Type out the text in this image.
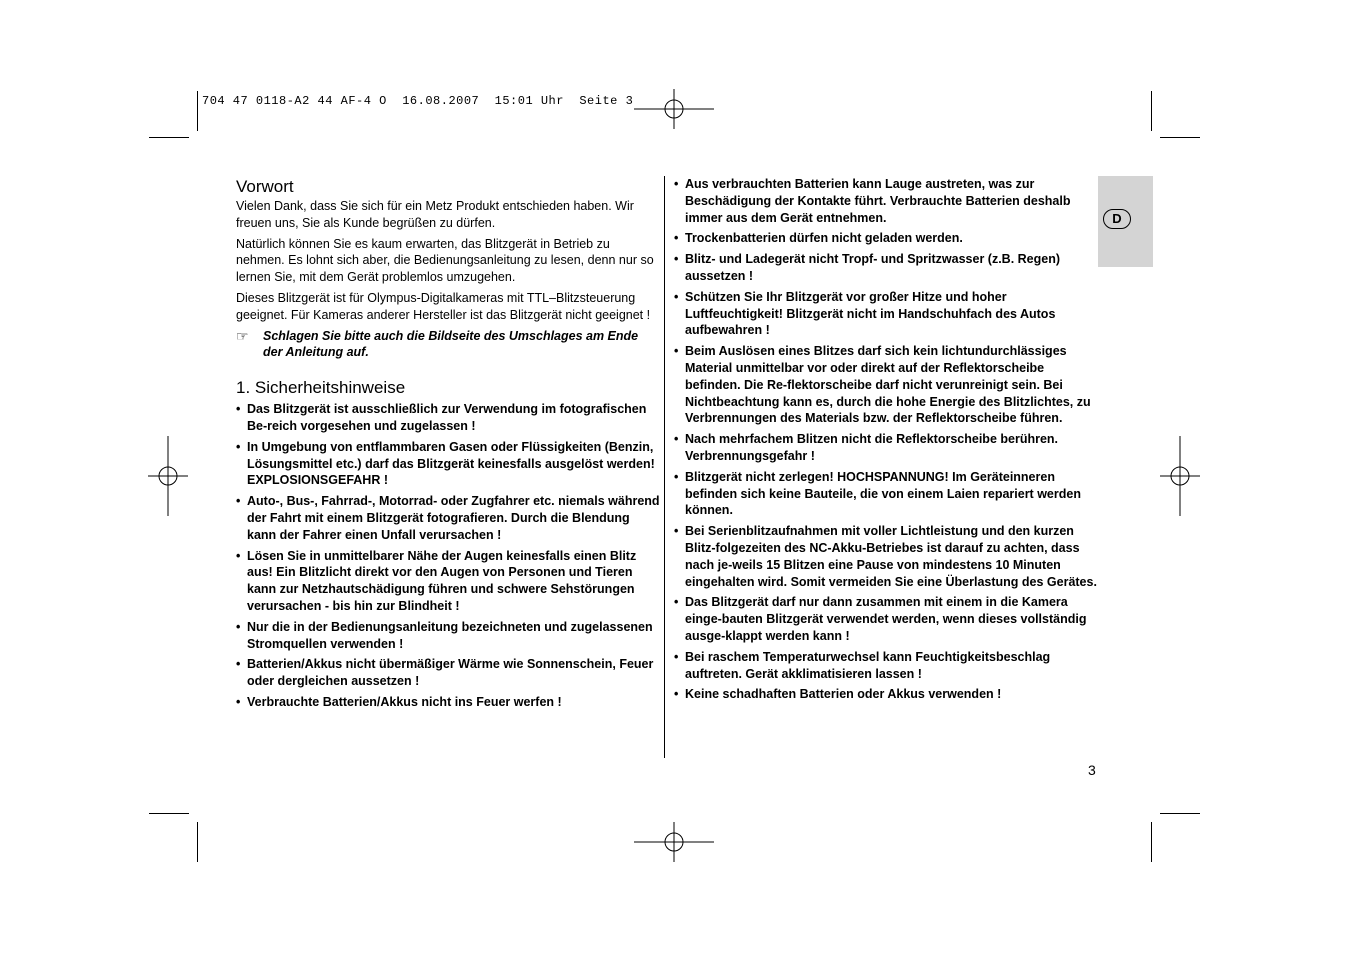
704 47 0118-A2 44 AF-4 O  16.08.2007  15:01 Uhr  Seite 3
Vorwort

Vielen Dank, dass Sie sich für ein Metz Produkt entschieden haben. Wir freuen uns, Sie als Kunde begrüßen zu dürfen.

Natürlich können Sie es kaum erwarten, das Blitzgerät in Betrieb zu nehmen. Es lohnt sich aber, die Bedienungsanleitung zu lesen, denn nur so lernen Sie, mit dem Gerät problemlos umzugehen.

Dieses Blitzgerät ist für Olympus-Digitalkameras mit TTL–Blitzsteuerung geeignet. Für Kameras anderer Hersteller ist das Blitzgerät nicht geeignet !

☞	Schlagen Sie bitte auch die Bildseite des Umschlages am Ende der Anleitung auf.
1. Sicherheitshinweise
• Das Blitzgerät ist ausschließlich zur Verwendung im fotografischen Be-reich vorgesehen und zugelassen !
• In Umgebung von entflammbaren Gasen oder Flüssigkeiten (Benzin, Lösungsmittel etc.) darf das Blitzgerät keinesfalls ausgelöst werden! EXPLOSIONSGEFAHR !
• Auto-, Bus-, Fahrrad-, Motorrad- oder Zugfahrer etc. niemals während der Fahrt mit einem Blitzgerät fotografieren. Durch die Blendung kann der Fahrer einen Unfall verursachen !
• Lösen Sie in unmittelbarer Nähe der Augen keinesfalls einen Blitz aus! Ein Blitzlicht direkt vor den Augen von Personen und Tieren kann zur Netzhautschädigung führen und schwere Sehstörungen verursachen - bis hin zur Blindheit !
• Nur die in der Bedienungsanleitung bezeichneten und zugelassenen Stromquellen verwenden !
• Batterien/Akkus nicht übermäßiger Wärme wie Sonnenschein, Feuer oder dergleichen aussetzen !
• Verbrauchte Batterien/Akkus nicht ins Feuer werfen !
• Aus verbrauchten Batterien kann Lauge austreten, was zur Beschädigung der Kontakte führt. Verbrauchte Batterien deshalb immer aus dem Gerät entnehmen.
• Trockenbatterien dürfen nicht geladen werden.
• Blitz- und Ladegerät nicht Tropf- und Spritzwasser (z.B. Regen) aussetzen !
• Schützen Sie Ihr Blitzgerät vor großer Hitze und hoher Luftfeuchtigkeit! Blitzgerät nicht im Handschuhfach des Autos aufbewahren !
• Beim Auslösen eines Blitzes darf sich kein lichtundurchlässiges Material unmittelbar vor oder direkt auf der Reflektorscheibe befinden. Die Re-flektorscheibe darf nicht verunreinigt sein. Bei Nichtbeachtung kann es, durch die hohe Energie des Blitzlichtes, zu Verbrennungen des Materials bzw. der Reflektorscheibe führen.
• Nach mehrfachem Blitzen nicht die Reflektorscheibe berühren. Verbrennungsgefahr !
• Blitzgerät nicht zerlegen! HOCHSPANNUNG! Im Geräteinneren befinden sich keine Bauteile, die von einem Laien repariert werden können.
• Bei Serienblitzaufnahmen mit voller Lichtleistung und den kurzen Blitz-folgezeiten des NC-Akku-Betriebes ist darauf zu achten, dass nach je-weils 15 Blitzen eine Pause von mindestens 10 Minuten eingehalten wird. Somit vermeiden Sie eine Überlastung des Gerätes.
• Das Blitzgerät darf nur dann zusammen mit einem in die Kamera einge-bauten Blitzgerät verwendet werden, wenn dieses vollständig ausge-klappt werden kann !
• Bei raschem Temperaturwechsel kann Feuchtigkeitsbeschlag auftreten. Gerät akklimatisieren lassen !
• Keine schadhaften Batterien oder Akkus verwenden !
D
3
